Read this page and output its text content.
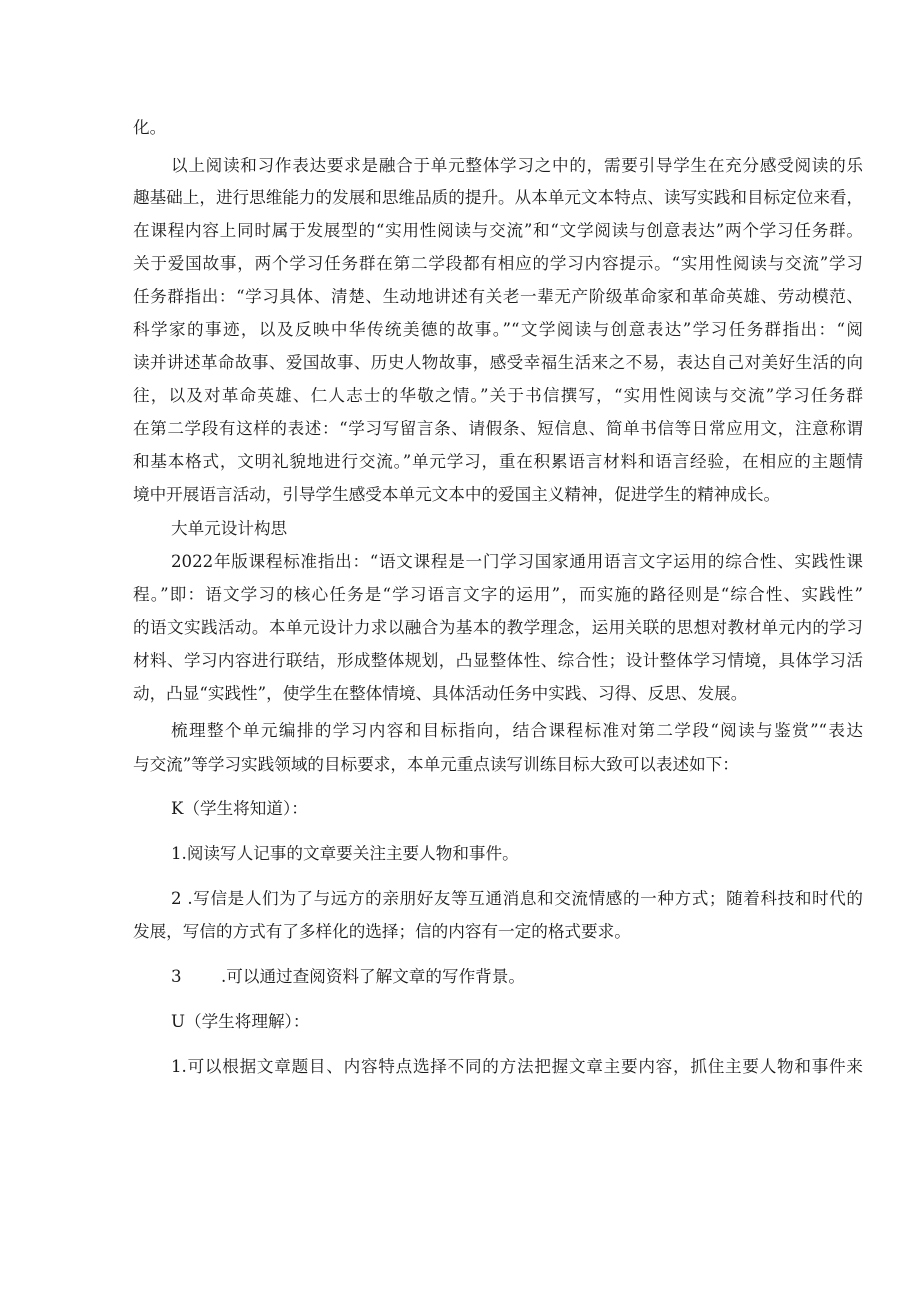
化。
以上阅读和习作表达要求是融合于单元整体学习之中的，需要引导学生在充分感受阅读的乐
趣基础上，进行思维能力的发展和思维品质的提升。从本单元文本特点、读写实践和目标定位来看，
在课程内容上同时属于发展型的“实用性阅读与交流”和“文学阅读与创意表达”两个学习任务群。
关于爱国故事，两个学习任务群在第二学段都有相应的学习内容提示。“实用性阅读与交流”学习
任务群指出：“学习具体、清楚、生动地讲述有关老一辈无产阶级革命家和革命英雄、劳动模范、
科学家的事迹，以及反映中华传统美德的故事。”“文学阅读与创意表达”学习任务群指出：“阅
读并讲述革命故事、爱国故事、历史人物故事，感受幸福生活来之不易，表达自己对美好生活的向
往，以及对革命英雄、仁人志士的华敬之情。”关于书信撰写，“实用性阅读与交流”学习任务群
在第二学段有这样的表述：“学习写留言条、请假条、短信息、简单书信等日常应用文，注意称谓
和基本格式，文明礼貌地进行交流。”单元学习，重在积累语言材料和语言经验，在相应的主题情
境中开展语言活动，引导学生感受本单元文本中的爱国主义精神，促进学生的精神成长。
大单元设计构思
2022年版课程标准指出：“语文课程是一门学习国家通用语言文字运用的综合性、实践性课
程。”即：语文学习的核心任务是“学习语言文字的运用”，而实施的路径则是“综合性、实践性”
的语文实践活动。本单元设计力求以融合为基本的教学理念，运用关联的思想对教材单元内的学习
材料、学习内容进行联结，形成整体规划，凸显整体性、综合性；设计整体学习情境，具体学习活
动，凸显“实践性”，使学生在整体情境、具体活动任务中实践、习得、反思、发展。
梳理整个单元编排的学习内容和目标指向，结合课程标准对第二学段“阅读与鉴赏”“表达
与交流”等学习实践领域的目标要求，本单元重点读写训练目标大致可以表述如下：
K（学生将知道）：
1.阅读写人记事的文章要关注主要人物和事件。
2 .写信是人们为了与远方的亲朋好友等互通消息和交流情感的一种方式；随着科技和时代的
发展，写信的方式有了多样化的选择；信的内容有一定的格式要求。
3 .可以通过查阅资料了解文章的写作背景。
U（学生将理解）：
1.可以根据文章题目、内容特点选择不同的方法把握文章主要内容，抓住主要人物和事件来
